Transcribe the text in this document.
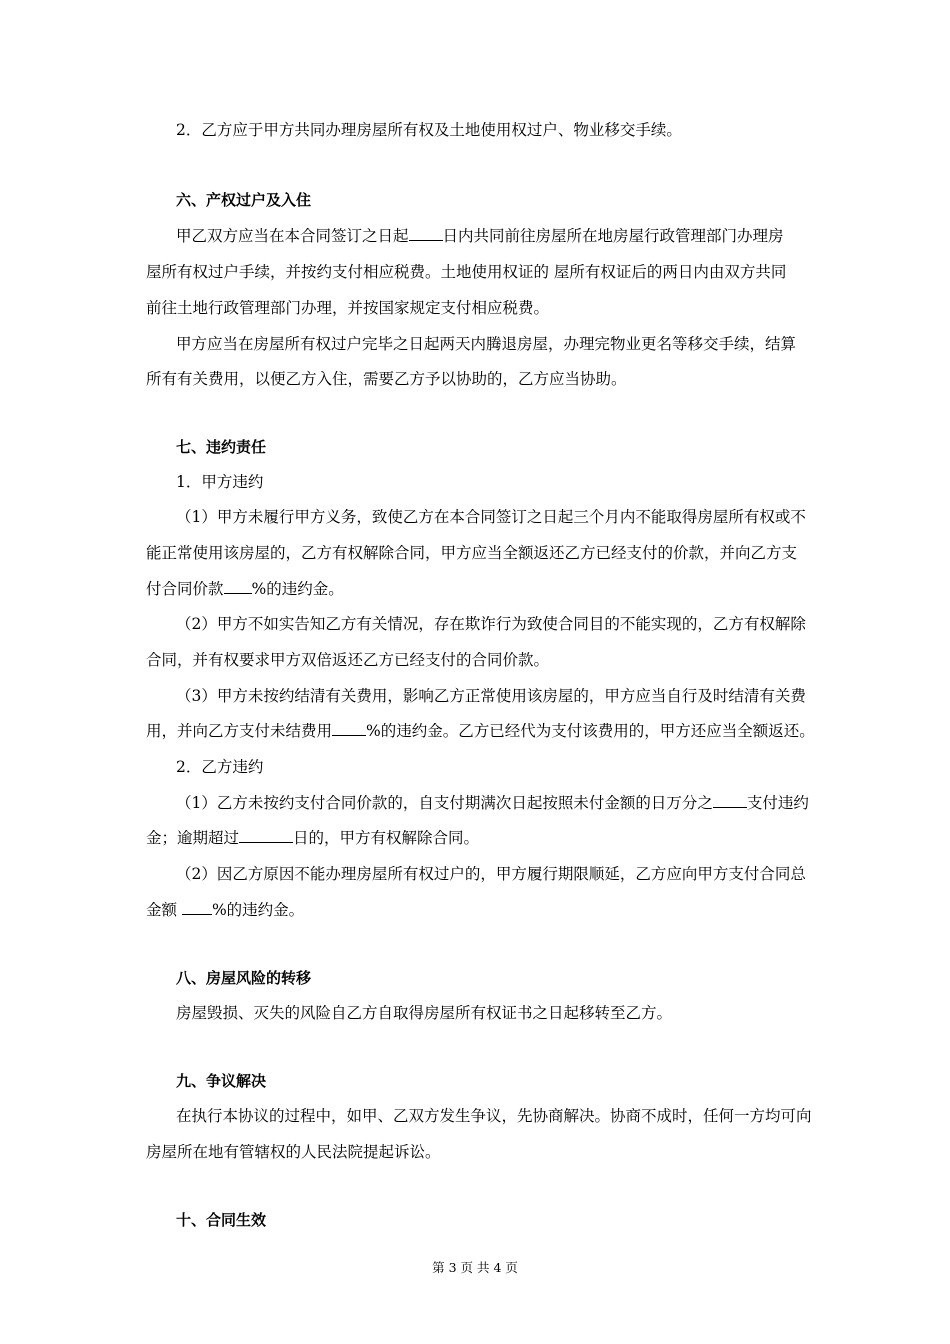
2．乙方应于甲方共同办理房屋所有权及土地使用权过户、物业移交手续。
六、产权过户及入住
甲乙双方应当在本合同签订之日起 日内共同前往房屋所在地房屋行政管理部门办理房
屋所有权过户手续，并按约支付相应税费。土地使用权证的 屋所有权证后的两日内由双方共同
前往土地行政管理部门办理，并按国家规定支付相应税费。
甲方应当在房屋所有权过户完毕之日起两天内腾退房屋，办理完物业更名等移交手续，结算
所有有关费用，以便乙方入住，需要乙方予以协助的，乙方应当协助。
七、违约责任
1．甲方违约
（1）甲方未履行甲方义务，致使乙方在本合同签订之日起三个月内不能取得房屋所有权或不
能正常使用该房屋的，乙方有权解除合同，甲方应当全额返还乙方已经支付的价款，并向乙方支
付合同价款 %的违约金。
（2）甲方不如实告知乙方有关情况，存在欺诈行为致使合同目的不能实现的，乙方有权解除
合同，并有权要求甲方双倍返还乙方已经支付的合同价款。
（3）甲方未按约结清有关费用，影响乙方正常使用该房屋的，甲方应当自行及时结清有关费
用，并向乙方支付未结费用 %的违约金。乙方已经代为支付该费用的，甲方还应当全额返还。
2．乙方违约
（1）乙方未按约支付合同价款的，自支付期满次日起按照未付金额的日万分之 支付违约
金；逾期超过	日的，甲方有权解除合同。
（2）因乙方原因不能办理房屋所有权过户的，甲方履行期限顺延，乙方应向甲方支付合同总
金额 %的违约金。
八、房屋风险的转移
房屋毁损、灭失的风险自乙方自取得房屋所有权证书之日起移转至乙方。
九、争议解决
在执行本协议的过程中，如甲、乙双方发生争议，先协商解决。协商不成时，任何一方均可向
房屋所在地有管辖权的人民法院提起诉讼。
十、合同生效
第 3 页 共 4 页
